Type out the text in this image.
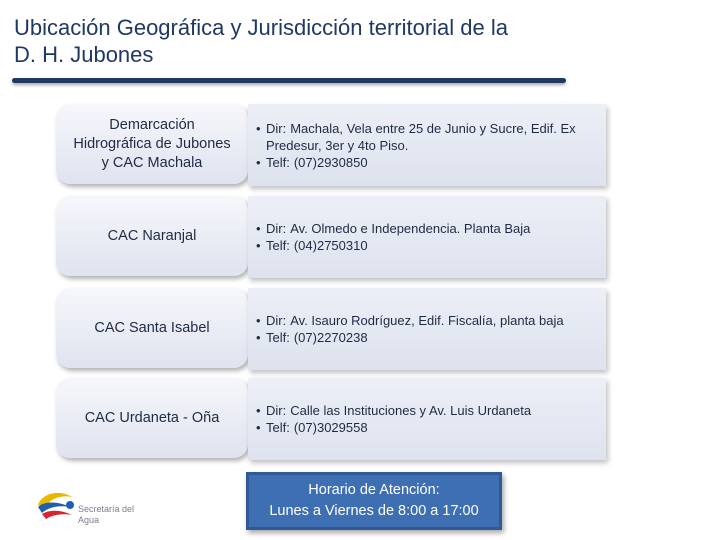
Ubicación Geográfica y Jurisdicción territorial de la
D. H. Jubones
Demarcación
Hidrográfica de Jubones
y CAC Machala
• Dir: Machala, Vela entre 25 de Junio y Sucre, Edif. Ex Predesur, 3er y 4to Piso.
• Telf: (07)2930850
CAC Naranjal	• Dir: Av. Olmedo e Independencia. Planta Baja
• Telf: (04)2750310
CAC Santa Isabel	• Dir: Av. Isauro Rodríguez, Edif. Fiscalía, planta baja
• Telf: (07)2270238
CAC Urdaneta - Oña	• Dir: Calle las Instituciones y Av. Luis Urdaneta
• Telf: (07)3029558
Horario de Atención:
Lunes a Viernes de 8:00 a 17:00
Secretaría del
Agua
